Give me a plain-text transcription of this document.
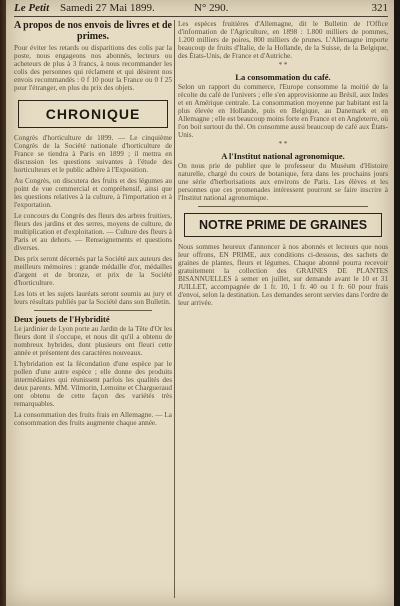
Le Petit Samedi 27 Mai 1899.	N° 290.	321

A propos de nos envois de livres et de primes.

Pour éviter les retards ou disparitions des colis par la poste, nous engageons nos abonnés, lecteurs ou acheteurs de plus à 3 francs, à nous recommander les colis des personnes qui réclament et qui désirent nos envois recommandés : 0 f 10 pour la France ou 0 f 25 pour l'étranger, en plus du prix des objets.

CHRONIQUE

Congrès d'horticulture de 1899. — Le cinquième Congrès de la Société nationale d'horticulture de France se tiendra à Paris en 1899 ; il mettra en discussion les questions suivantes à l'étude des horticulteurs et le public adhère à l'Exposition.

Au Congrès, on discutera des fruits et des légumes au point de vue commercial et compréhensif, ainsi que les questions relatives à la culture, à l'importation et à l'exportation.

Le concours du Congrès des fleurs des arbres fruitiers, fleurs des jardins et des serres, moyens de culture, de multiplication et d'exploitation. — Culture des fleurs à Paris et au dehors. — Renseignements et questions diverses.

Des prix seront décernés par la Société aux auteurs des meilleurs mémoires : grande médaille d'or, médailles d'argent et de bronze, et prix de la Société d'horticulture.

Les lots et les sujets lauréats seront soumis au jury et leurs résultats publiés par la Société dans son Bulletin.

Deux jouets de l'Hybridité

Le jardinier de Lyon porte au Jardin de la Tête d'Or les fleurs dont il s'occupe, et nous dit qu'il a obtenu de nombreux hybrides, dont plusieurs ont fleuri cette année et présentent des caractères nouveaux.

L'hybridation est la fécondation d'une espèce par le pollen d'une autre espèce ; elle donne des produits intermédiaires qui réunissent parfois les qualités des deux parents. MM. Vilmorin, Lemoine et Chargueraud ont obtenu de cette façon des variétés très remarquables.

La consommation des fruits frais en Allemagne. — La consommation des fruits augmente chaque année.

Les espèces fruitières d'Allemagne, dit le Bulletin de l'Office d'information de l'Agriculture, en 1898 : 1.800 milliers de pommes, 1.200 milliers de poires, 800 milliers de prunes. L'Allemagne importe beaucoup de fruits d'Italie, de la Hollande, de la Suisse, de la Belgique, des États-Unis, de France et d'Autriche.

* *

La consommation du café.

Selon un rapport du commerce, l'Europe consomme la moitié de la récolte du café de l'univers ; elle s'en approvisionne au Brésil, aux Indes et en Amérique centrale. La consommation moyenne par habitant est la plus élevée en Hollande, puis en Belgique, au Danemark et en Allemagne ; elle est beaucoup moins forte en France et en Angleterre, où l'on boit surtout du thé. On consomme aussi beaucoup de café aux États-Unis.

* *

A l'Institut national agronomique.

On nous prie de publier que le professeur du Muséum d'Histoire naturelle, chargé du cours de botanique, fera dans les prochains jours une série d'herborisations aux environs de Paris. Les élèves et les personnes que ces promenades intéressent pourront se faire inscrire à l'Institut national agronomique.

NOTRE PRIME DE GRAINES

Nous sommes heureux d'annoncer à nos abonnés et lecteurs que nous leur offrons, EN PRIME, aux conditions ci-dessous, des sachets de graines de plantes, fleurs et légumes. Chaque abonné pourra recevoir gratuitement la collection des GRAINES DE PLANTES BISANNUELLES à semer en juillet, sur demande avant le 10 et 31 JUILLET, accompagnée de 1 fr. 10, 1 fr. 40 ou 1 fr. 60 pour frais d'envoi, selon la destination. Les demandes seront servies dans l'ordre de leur arrivée.
